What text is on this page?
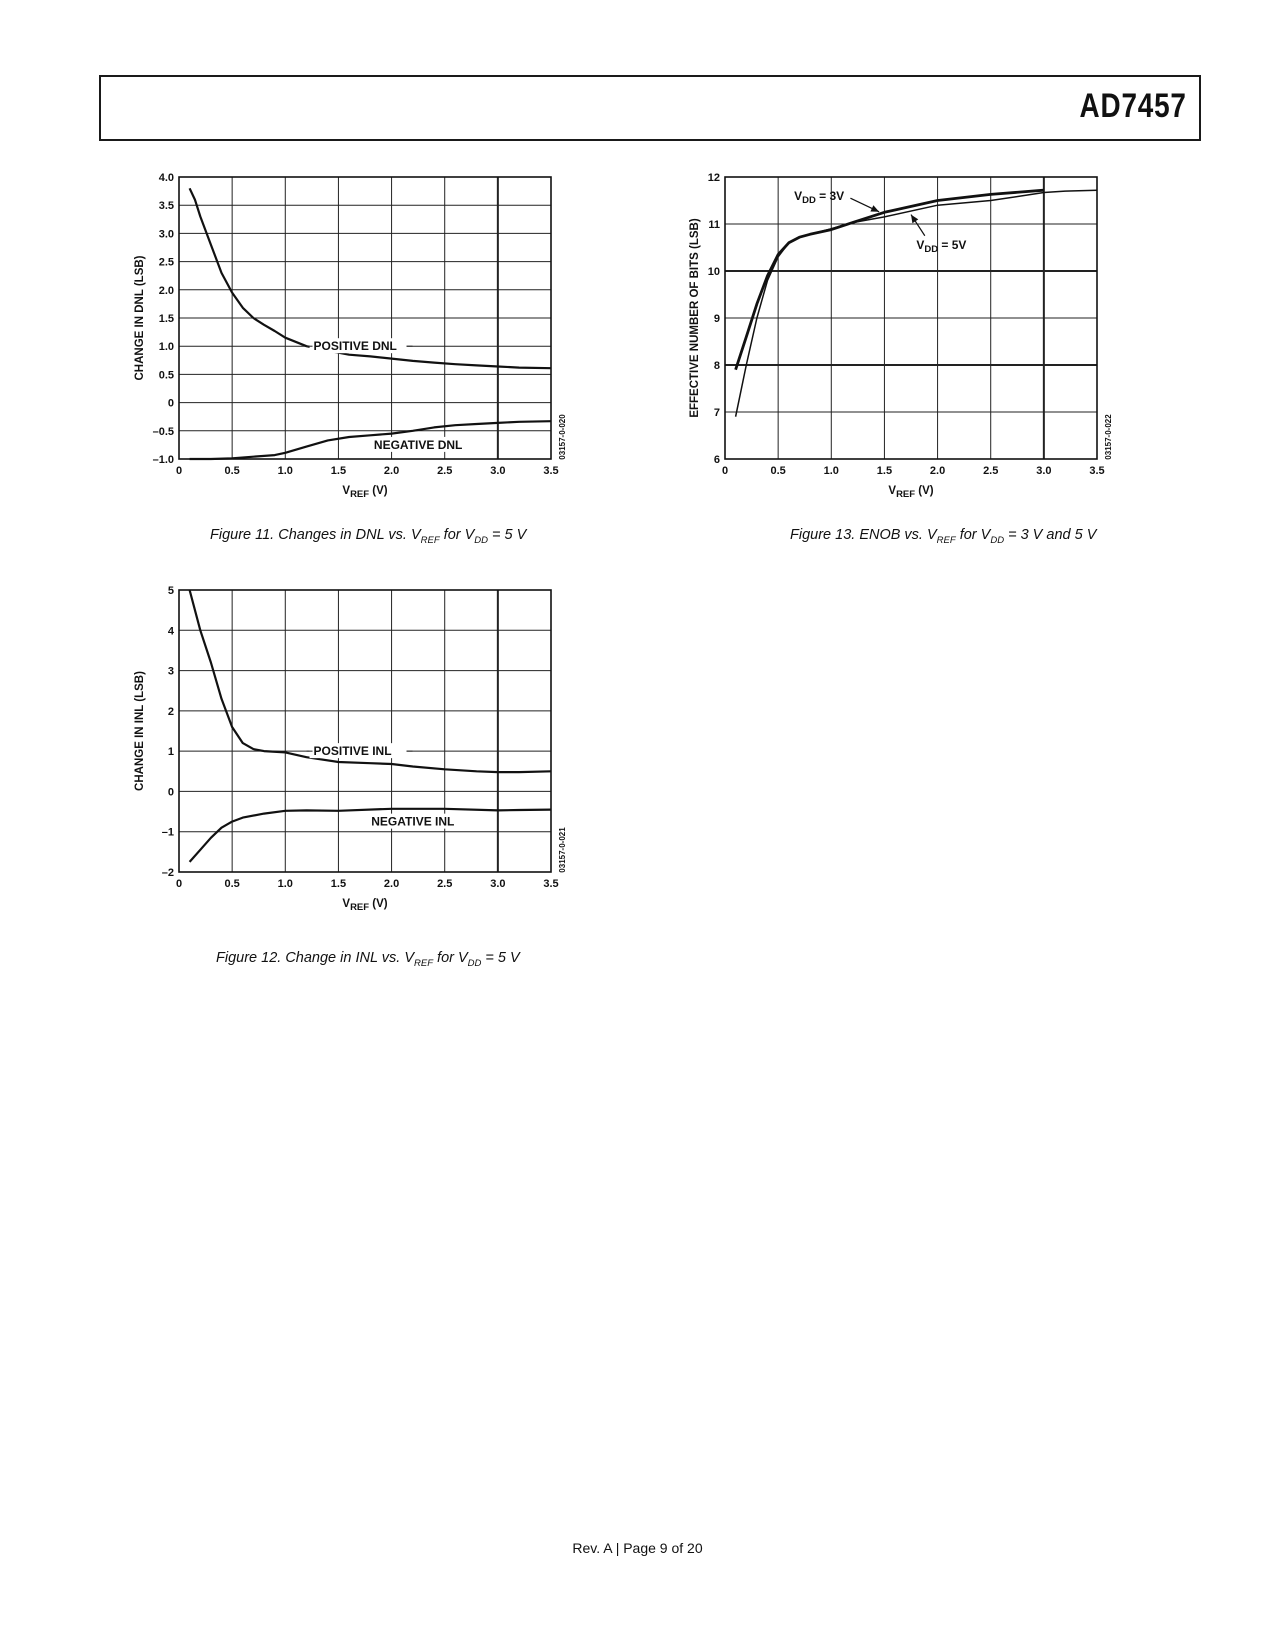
AD7457
0	0.5	1.0	1.5	2.0	2.5	3.0	3.5
–1.0
–0.5
0
0.5
1.0
1.5
2.0
2.5
3.0
3.5
4.0
$V_{REF}$ (V)
CHANGE IN DNL (LSB)
03157-0-020
POSITIVE DNL
NEGATIVE DNL
Figure 11. Changes in DNL vs. $V_{REF}$ for $V_{DD} = 5$ V
0	0.5	1.0	1.5	2.0	2.5	3.0	3.5
–2
–1
0
1
2
3
4
5
$V_{REF}$ (V)
CHANGE IN INL (LSB)
03157-0-021
POSITIVE INL
NEGATIVE INL
Figure 12. Change in INL vs. $V_{REF}$ for $V_{DD} = 5$ V
0	0.5	1.0	1.5	2.0	2.5	3.0	3.5
6
7
8
9
10
11
12
$V_{REF}$ (V)
EFFECTIVE NUMBER OF BITS (LSB)
03157-0-022
$V_{DD} = 3V$
$V_{DD} = 5V$
Figure 13. ENOB vs. $V_{REF}$ for $V_{DD} = 3$ V and 5 V
Rev. A | Page 9 of 20
